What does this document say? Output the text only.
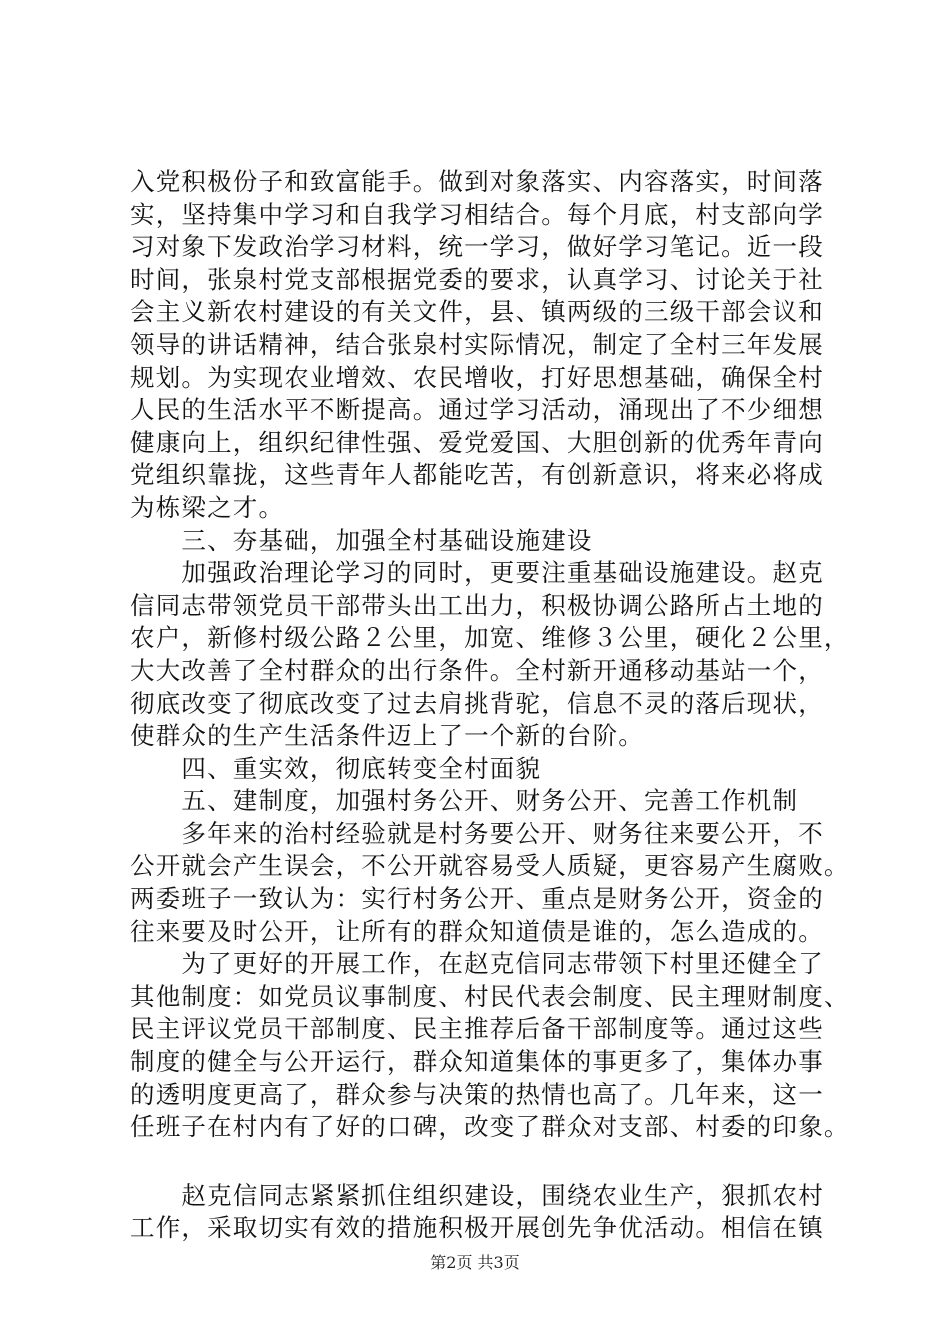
入党积极份子和致富能手。做到对象落实、内容落实，时间落
实，坚持集中学习和自我学习相结合。每个月底，村支部向学
习对象下发政治学习材料，统一学习，做好学习笔记。近一段
时间，张泉村党支部根据党委的要求，认真学习、讨论关于社
会主义新农村建设的有关文件，县、镇两级的三级干部会议和
领导的讲话精神，结合张泉村实际情况，制定了全村三年发展
规划。为实现农业增效、农民增收，打好思想基础，确保全村
人民的生活水平不断提高。通过学习活动，涌现出了不少细想
健康向上，组织纪律性强、爱党爱国、大胆创新的优秀年青向
党组织靠拢，这些青年人都能吃苦，有创新意识，将来必将成
为栋梁之才。
　　三、夯基础，加强全村基础设施建设
　　加强政治理论学习的同时，更要注重基础设施建设。赵克
信同志带领党员干部带头出工出力，积极协调公路所占土地的
农户，新修村级公路２公里，加宽、维修３公里，硬化２公里，
大大改善了全村群众的出行条件。全村新开通移动基站一个，
彻底改变了彻底改变了过去肩挑背驼，信息不灵的落后现状，
使群众的生产生活条件迈上了一个新的台阶。
　　四、重实效，彻底转变全村面貌
　　五、建制度，加强村务公开、财务公开、完善工作机制
　　多年来的治村经验就是村务要公开、财务往来要公开，不
公开就会产生误会，不公开就容易受人质疑，更容易产生腐败。
两委班子一致认为：实行村务公开、重点是财务公开，资金的
往来要及时公开，让所有的群众知道债是谁的，怎么造成的。
　　为了更好的开展工作，在赵克信同志带领下村里还健全了
其他制度：如党员议事制度、村民代表会制度、民主理财制度、
民主评议党员干部制度、民主推荐后备干部制度等。通过这些
制度的健全与公开运行，群众知道集体的事更多了，集体办事
的透明度更高了，群众参与决策的热情也高了。几年来，这一
任班子在村内有了好的口碑，改变了群众对支部、村委的印象。
　　赵克信同志紧紧抓住组织建设，围绕农业生产，狠抓农村
工作，采取切实有效的措施积极开展创先争优活动。相信在镇
第2页 共3页
